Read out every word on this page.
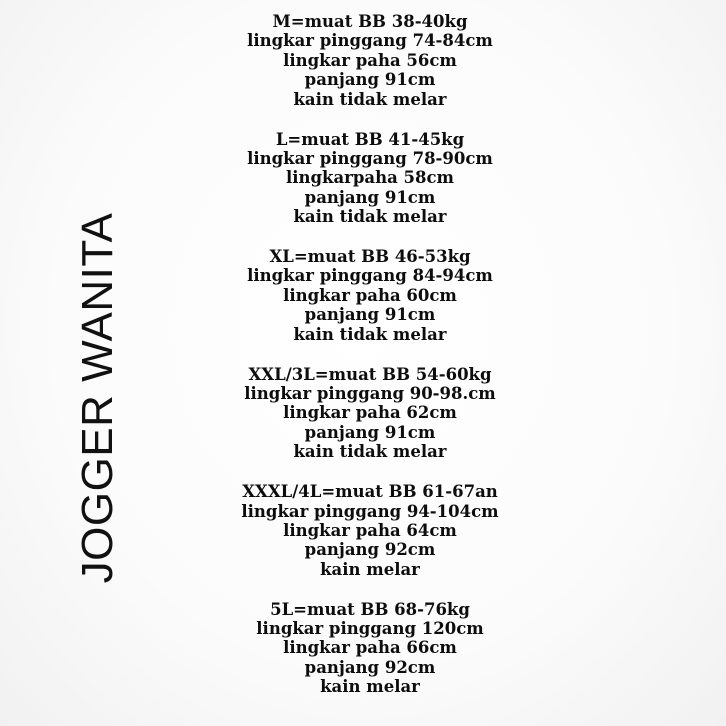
JOGGER WANITA
M=muat BB 38-40kg
lingkar pinggang 74-84cm
lingkar paha 56cm
panjang 91cm
kain tidak melar
L=muat BB 41-45kg
lingkar pinggang 78-90cm
lingkarpaha 58cm
panjang 91cm
kain tidak melar
XL=muat BB 46-53kg
lingkar pinggang 84-94cm
lingkar paha 60cm
panjang 91cm
kain tidak melar
XXL/3L=muat BB 54-60kg
lingkar pinggang 90-98.cm
lingkar paha 62cm
panjang 91cm
kain tidak melar
XXXL/4L=muat BB 61-67an
lingkar pinggang 94-104cm
lingkar paha 64cm
panjang 92cm
kain melar
5L=muat BB 68-76kg
lingkar pinggang 120cm
lingkar paha 66cm
panjang 92cm
kain melar
